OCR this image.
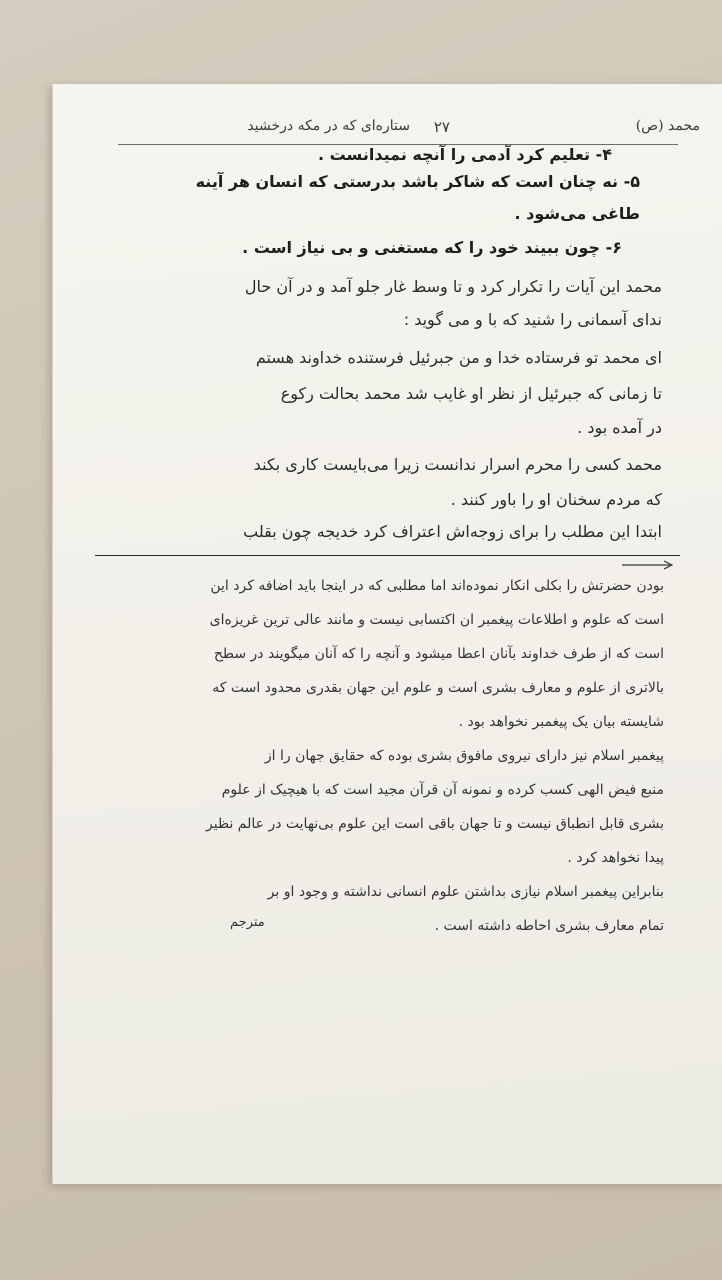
محمد (ص)
۲۷
ستاره‌ای که در مکه درخشید
۴- تعلیم کرد آدمی را آنچه نمیدانست .
۵- نه چنان است که شاکر باشد بدرستی که انسان هر آینه
طاغی می‌شود .
۶- چون ببیند خود را که مستغنی و بی نیاز است .
محمد این آیات را تکرار کرد و تا وسط غار جلو آمد و در آن حال
ندای آسمانی را شنید که با و می گوید :
ای محمد تو فرستاده خدا و من جبرئیل فرستنده خداوند هستم
تا زمانی که جبرئیل از نظر او غایب شد محمد بحالت رکوع
در آمده بود .
محمد کسی را محرم اسرار ندانست زیرا می‌بایست کاری بکند
که مردم سخنان او را باور کنند .
ابتدا این مطلب را برای زوجه‌اش اعتراف کرد خدیجه چون بقلب
بودن حضرتش را بکلی انکار نموده‌اند اما مطلبی که در اینجا باید اضافه کرد این
است که علوم و اطلاعات پیغمبر ان اکتسابی نیست و مانند عالی ترین غریزه‌ای
است که از طرف خداوند بآنان اعطا میشود و آنچه را که آنان میگویند در سطح
بالاتری از علوم و معارف بشری است و علوم این جهان بقدری محدود است که
شایسته بیان یک پیغمبر نخواهد بود .
پیغمبر اسلام نیز دارای نیروی مافوق بشری بوده که حقایق جهان را از
منبع فیض الهی کسب کرده و نمونه آن قرآن مجید است که با هیچیک از علوم
بشری قابل انطباق نیست و تا جهان باقی است این علوم بی‌نهایت در عالم نظیر
پیدا نخواهد کرد .
بنابراین پیغمبر اسلام نیازی بداشتن علوم انسانی نداشته و وجود او بر
تمام معارف بشری احاطه داشته است .
مترجم
